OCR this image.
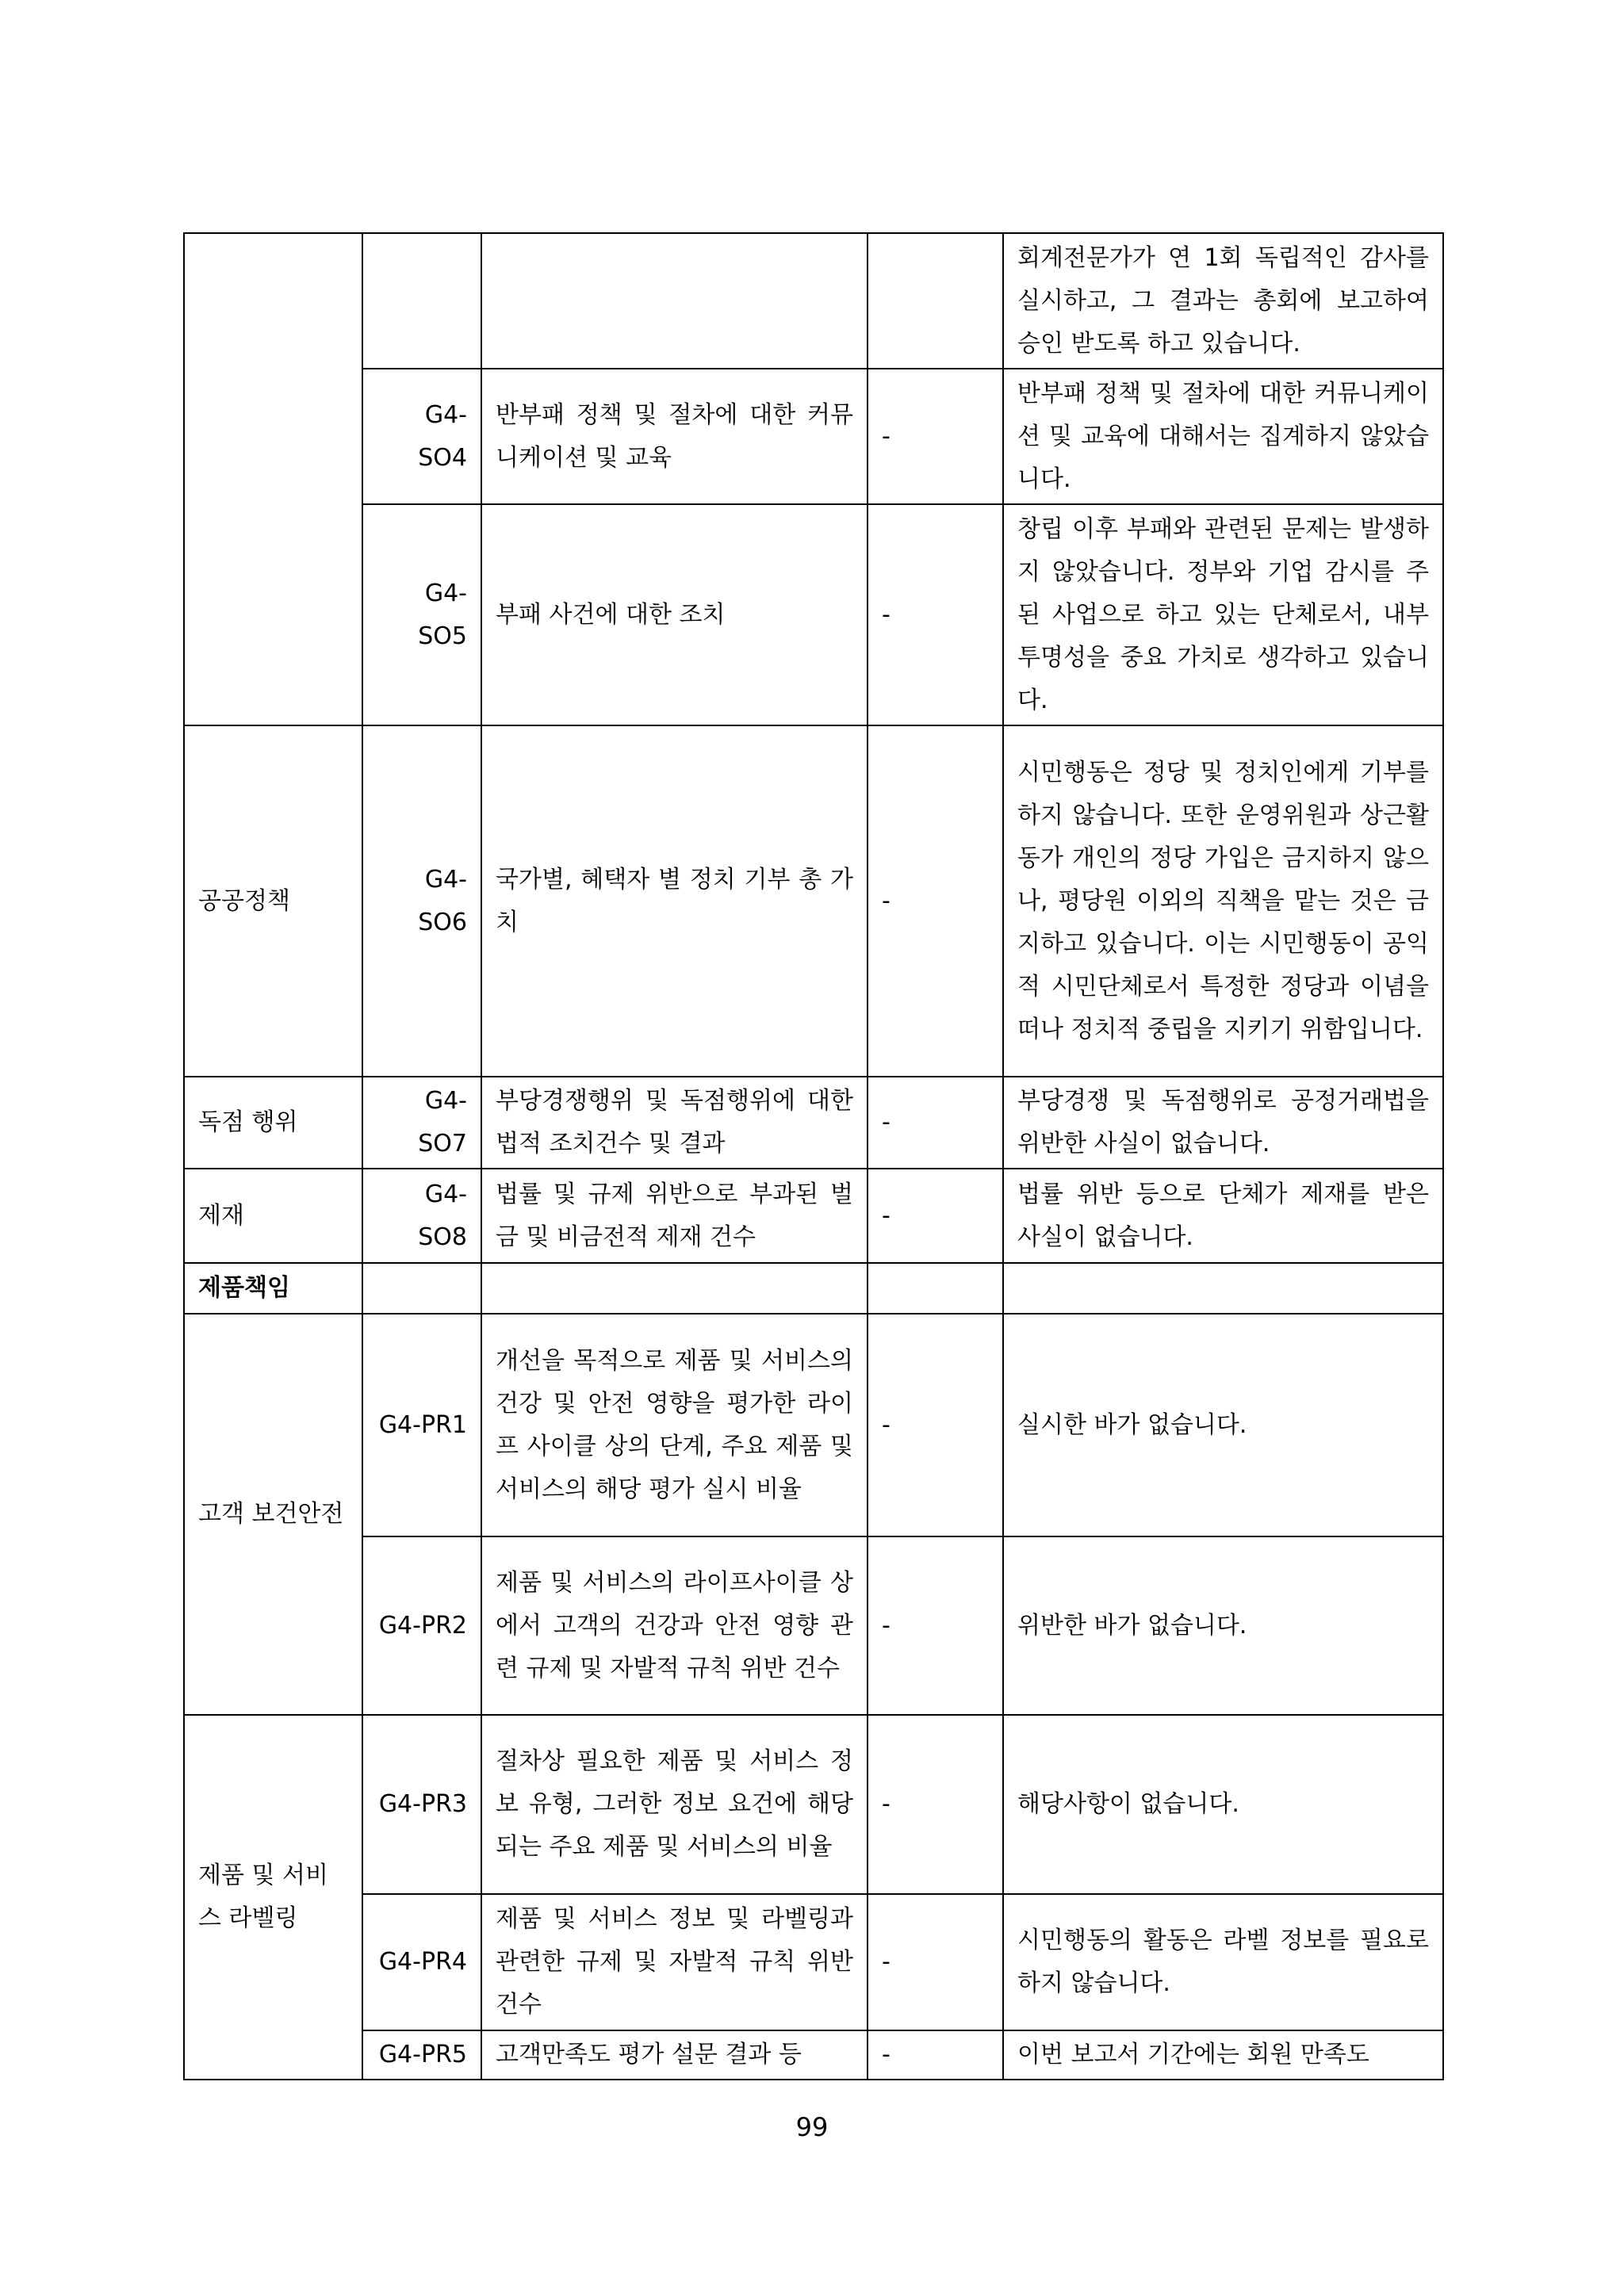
				회계전문가가 연 1회 독립적인 감사를 실시하고, 그 결과는 총회에 보고하여 승인 받도록 하고 있습니다.
	G4-SO4	반부패 정책 및 절차에 대한 커뮤니케이션 및 교육	-	반부패 정책 및 절차에 대한 커뮤니케이션 및 교육에 대해서는 집계하지 않았습니다.
	G4-SO5	부패 사건에 대한 조치	-	창립 이후 부패와 관련된 문제는 발생하지 않았습니다. 정부와 기업 감시를 주된 사업으로 하고 있는 단체로서, 내부 투명성을 중요 가치로 생각하고 있습니다.
공공정책	G4-SO6	국가별, 혜택자 별 정치 기부 총 가치	-	시민행동은 정당 및 정치인에게 기부를 하지 않습니다. 또한 운영위원과 상근활동가 개인의 정당 가입은 금지하지 않으나, 평당원 이외의 직책을 맡는 것은 금지하고 있습니다. 이는 시민행동이 공익적 시민단체로서 특정한 정당과 이념을 떠나 정치적 중립을 지키기 위함입니다.
독점 행위	G4-SO7	부당경쟁행위 및 독점행위에 대한 법적 조치건수 및 결과	-	부당경쟁 및 독점행위로 공정거래법을 위반한 사실이 없습니다.
제재	G4-SO8	법률 및 규제 위반으로 부과된 벌금 및 비금전적 제재 건수	-	법률 위반 등으로 단체가 제재를 받은 사실이 없습니다.
제품책임				
고객 보건안전	G4-PR1	개선을 목적으로 제품 및 서비스의 건강 및 안전 영향을 평가한 라이프 사이클 상의 단계, 주요 제품 및 서비스의 해당 평가 실시 비율	-	실시한 바가 없습니다.
	G4-PR2	제품 및 서비스의 라이프사이클 상에서 고객의 건강과 안전 영향 관련 규제 및 자발적 규칙 위반 건수	-	위반한 바가 없습니다.
제품 및 서비스 라벨링	G4-PR3	절차상 필요한 제품 및 서비스 정보 유형, 그러한 정보 요건에 해당되는 주요 제품 및 서비스의 비율	-	해당사항이 없습니다.
	G4-PR4	제품 및 서비스 정보 및 라벨링과 관련한 규제 및 자발적 규칙 위반 건수	-	시민행동의 활동은 라벨 정보를 필요로 하지 않습니다.
	G4-PR5	고객만족도 평가 설문 결과 등	-	이번 보고서 기간에는 회원 만족도
99
